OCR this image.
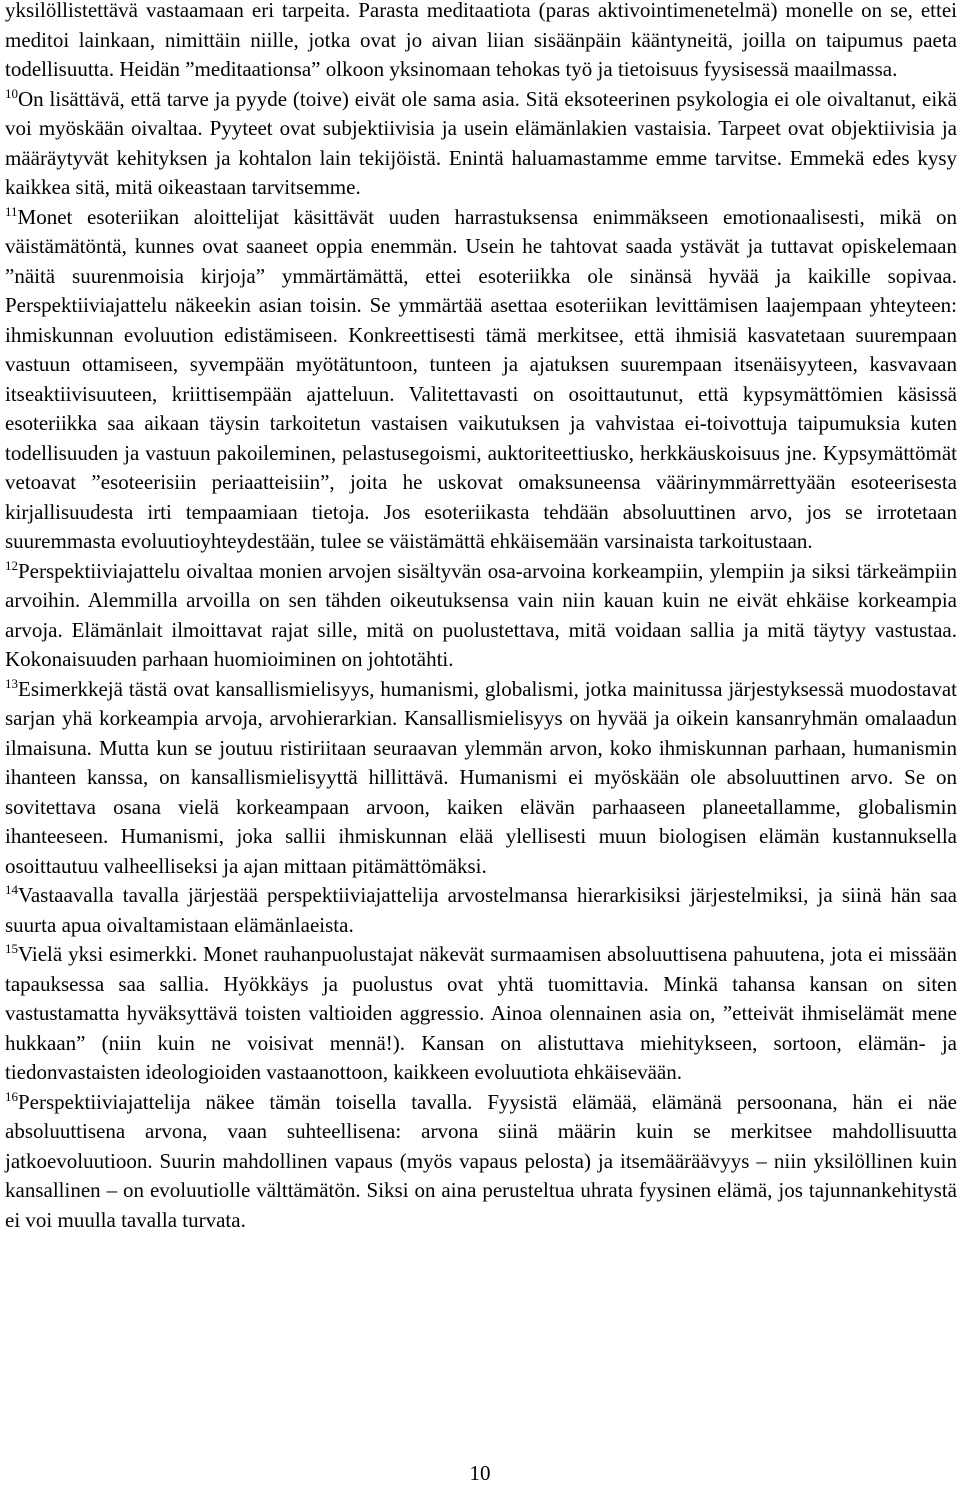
yksilöllistettävä vastaamaan eri tarpeita. Parasta meditaatiota (paras aktivointimenetelmä) monelle on se, ettei meditoi lainkaan, nimittäin niille, jotka ovat jo aivan liian sisäänpäin kääntyneitä, joilla on taipumus paeta todellisuutta. Heidän ”meditaationsa” olkoon yksinomaan tehokas työ ja tietoisuus fyysisessä maailmassa.

$^{10}$On lisättävä, että tarve ja pyyde (toive) eivät ole sama asia. Sitä eksoteerinen psykologia ei ole oivaltanut, eikä voi myöskään oivaltaa. Pyyteet ovat subjektiivisia ja usein elämänlakien vastaisia. Tarpeet ovat objektiivisia ja määräytyvät kehityksen ja kohtalon lain tekijöistä. Enintä haluamastamme emme tarvitse. Emmekä edes kysy kaikkea sitä, mitä oikeastaan tarvitsemme.

$^{11}$Monet esoteriikan aloittelijat käsittävät uuden harrastuksensa enimmäkseen emotionaalisesti, mikä on väistämätöntä, kunnes ovat saaneet oppia enemmän. Usein he tahtovat saada ystävät ja tuttavat opiskelemaan ”näitä suurenmoisia kirjoja” ymmärtämättä, ettei esoteriikka ole sinänsä hyvää ja kaikille sopivaa. Perspektiiviajattelu näkeekin asian toisin. Se ymmärtää asettaa esoteriikan levittämisen laajempaan yhteyteen: ihmiskunnan evoluution edistämiseen. Konkreettisesti tämä merkitsee, että ihmisiä kasvatetaan suurempaan vastuun ottamiseen, syvempään myötätuntoon, tunteen ja ajatuksen suurempaan itsenäisyyteen, kasvavaan itseaktiivisuuteen, kriittisempään ajatteluun. Valitettavasti on osoittautunut, että kypsymättömien käsissä esoteriikka saa aikaan täysin tarkoitetun vastaisen vaikutuksen ja vahvistaa ei-toivottuja taipumuksia kuten todellisuuden ja vastuun pakoileminen, pelastusegoismi, auktoriteettiusko, herkkäuskoisuus jne. Kypsymättömät vetoavat ”esoteerisiin periaatteisiin”, joita he uskovat omaksuneensa väärinymmärrettyään esoteerisesta kirjallisuudesta irti tempaamiaan tietoja. Jos esoteriikasta tehdään absoluuttinen arvo, jos se irrotetaan suuremmasta evoluutioyhteydestään, tulee se väistämättä ehkäisemään varsinaista tarkoitustaan.

$^{12}$Perspektiiviajattelu oivaltaa monien arvojen sisältyvän osa-arvoina korkeampiin, ylempiin ja siksi tärkeämpiin arvoihin. Alemmilla arvoilla on sen tähden oikeutuksensa vain niin kauan kuin ne eivät ehkäise korkeampia arvoja. Elämänlait ilmoittavat rajat sille, mitä on puolustettava, mitä voidaan sallia ja mitä täytyy vastustaa. Kokonaisuuden parhaan huomioiminen on johtotähti.

$^{13}$Esimerkkejä tästä ovat kansallismielisyys, humanismi, globalismi, jotka mainitussa järjestyksessä muodostavat sarjan yhä korkeampia arvoja, arvohierarkian. Kansallismielisyys on hyvää ja oikein kansanryhmän omalaadun ilmaisuna. Mutta kun se joutuu ristiriitaan seuraavan ylemmän arvon, koko ihmiskunnan parhaan, humanismin ihanteen kanssa, on kansallismielisyyttä hillittävä. Humanismi ei myöskään ole absoluuttinen arvo. Se on sovitettava osana vielä korkeampaan arvoon, kaiken elävän parhaaseen planeetallamme, globalismin ihanteeseen. Humanismi, joka sallii ihmiskunnan elää ylellisesti muun biologisen elämän kustannuksella osoittautuu valheelliseksi ja ajan mittaan pitämättömäksi.

$^{14}$Vastaavalla tavalla järjestää perspektiiviajattelija arvostelmansa hierarkisiksi järjestelmiksi, ja siinä hän saa suurta apua oivaltamistaan elämänlaeista.

$^{15}$Vielä yksi esimerkki. Monet rauhanpuolustajat näkevät surmaamisen absoluuttisena pahuutena, jota ei missään tapauksessa saa sallia. Hyökkäys ja puolustus ovat yhtä tuomittavia. Minkä tahansa kansan on siten vastustamatta hyväksyttävä toisten valtioiden aggressio. Ainoa olennainen asia on, ”etteivät ihmiselämät mene hukkaan” (niin kuin ne voisivat mennä!). Kansan on alistuttava miehitykseen, sortoon, elämän- ja tiedonvastaisten ideologioiden vastaanottoon, kaikkeen evoluutiota ehkäisevään.

$^{16}$Perspektiiviajattelija näkee tämän toisella tavalla. Fyysistä elämää, elämänä persoonana, hän ei näe absoluuttisena arvona, vaan suhteellisena: arvona siinä määrin kuin se merkitsee mahdollisuutta jatkoevoluutioon. Suurin mahdollinen vapaus (myös vapaus pelosta) ja itsemääräävyys – niin yksilöllinen kuin kansallinen – on evoluutiolle välttämätön. Siksi on aina perusteltua uhrata fyysinen elämä, jos tajunnankehitystä ei voi muulla tavalla turvata.

10
